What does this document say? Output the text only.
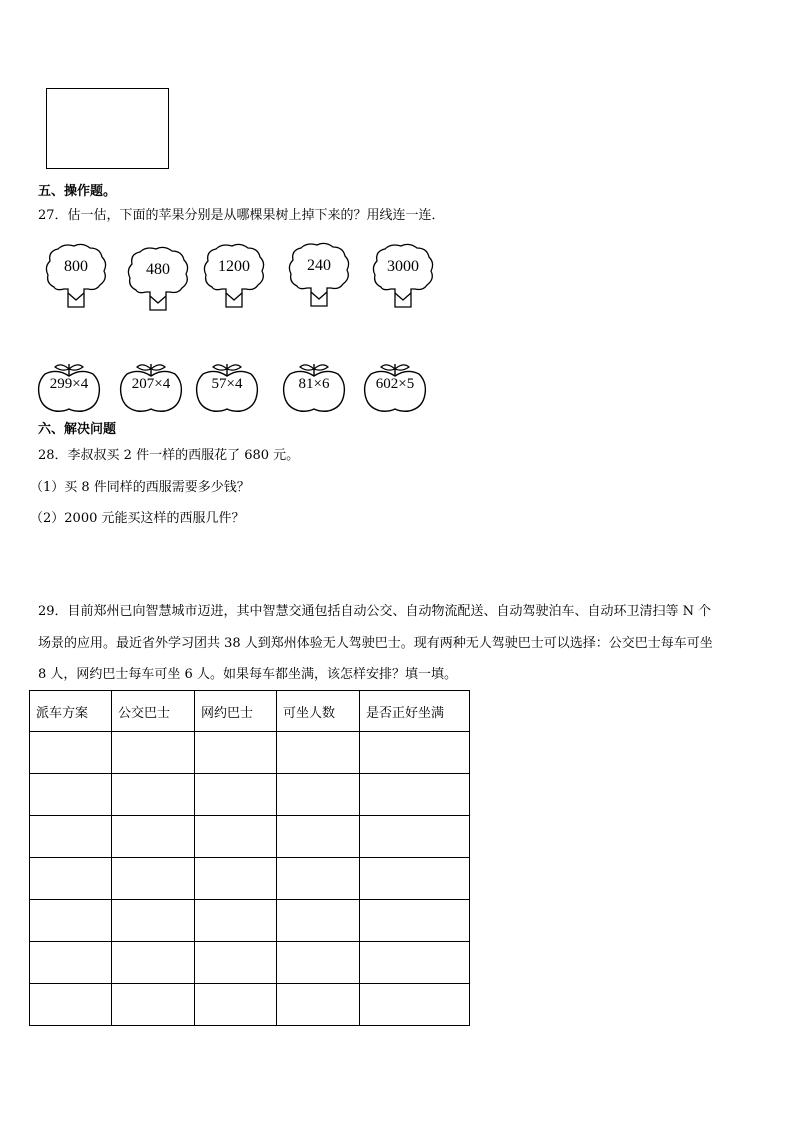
五、操作题。
27．估一估，下面的苹果分别是从哪棵果树上掉下来的？用线连一连．
800	480	1200	240	3000
299×4	207×4	57×4	81×6	602×5
六、解决问题
28．李叔叔买 2 件一样的西服花了 680 元。
（1）买 8 件同样的西服需要多少钱？
（2）2000 元能买这样的西服几件？
29．目前郑州已向智慧城市迈进，其中智慧交通包括自动公交、自动物流配送、自动驾驶泊车、自动环卫清扫等 N 个
场景的应用。最近省外学习团共 38 人到郑州体验无人驾驶巴士。现有两种无人驾驶巴士可以选择：公交巴士每车可坐
8 人，网约巴士每车可坐 6 人。如果每车都坐满，该怎样安排？填一填。
派车方案	公交巴士	网约巴士	可坐人数	是否正好坐满
